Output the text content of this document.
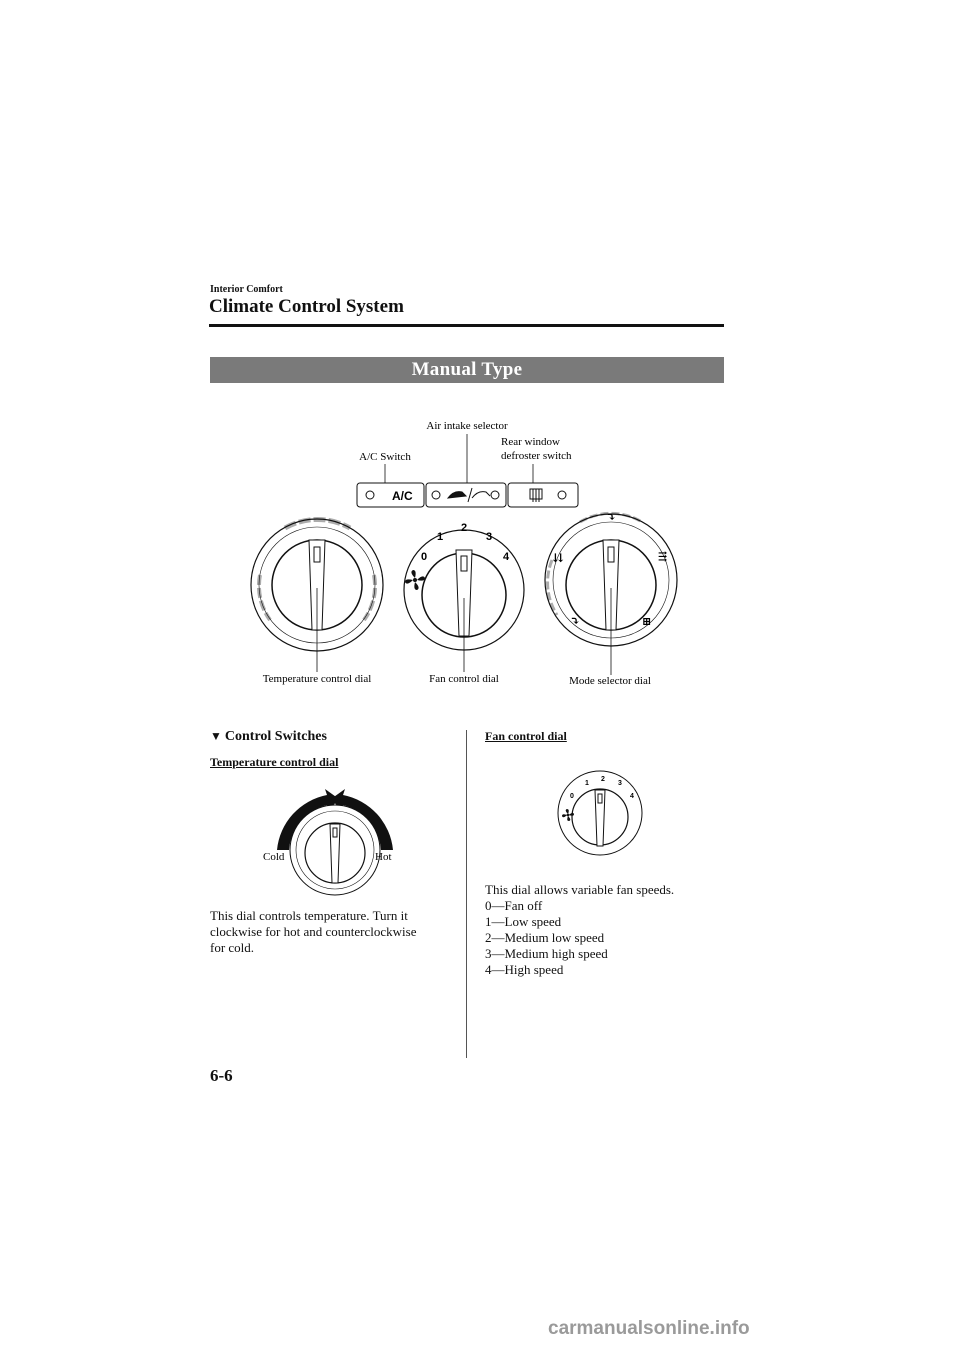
Interior Comfort
Climate Control System
Manual Type
Air intake selector
Rear window
defroster switch
A/C Switch
A/C
0
1
2
3
4
⤵
⇊	⇶
⤵	⊞
Temperature control dial	Fan control dial	Mode selector dial
▼ Control Switches
Temperature control dial
Cold	Hot
This dial controls temperature. Turn it
clockwise for hot and counterclockwise
for cold.
Fan control dial
0
1
2
3
4
This dial allows variable fan speeds.
0―Fan off
1―Low speed
2―Medium low speed
3―Medium high speed
4―High speed
6-6
carmanualsonline.info
